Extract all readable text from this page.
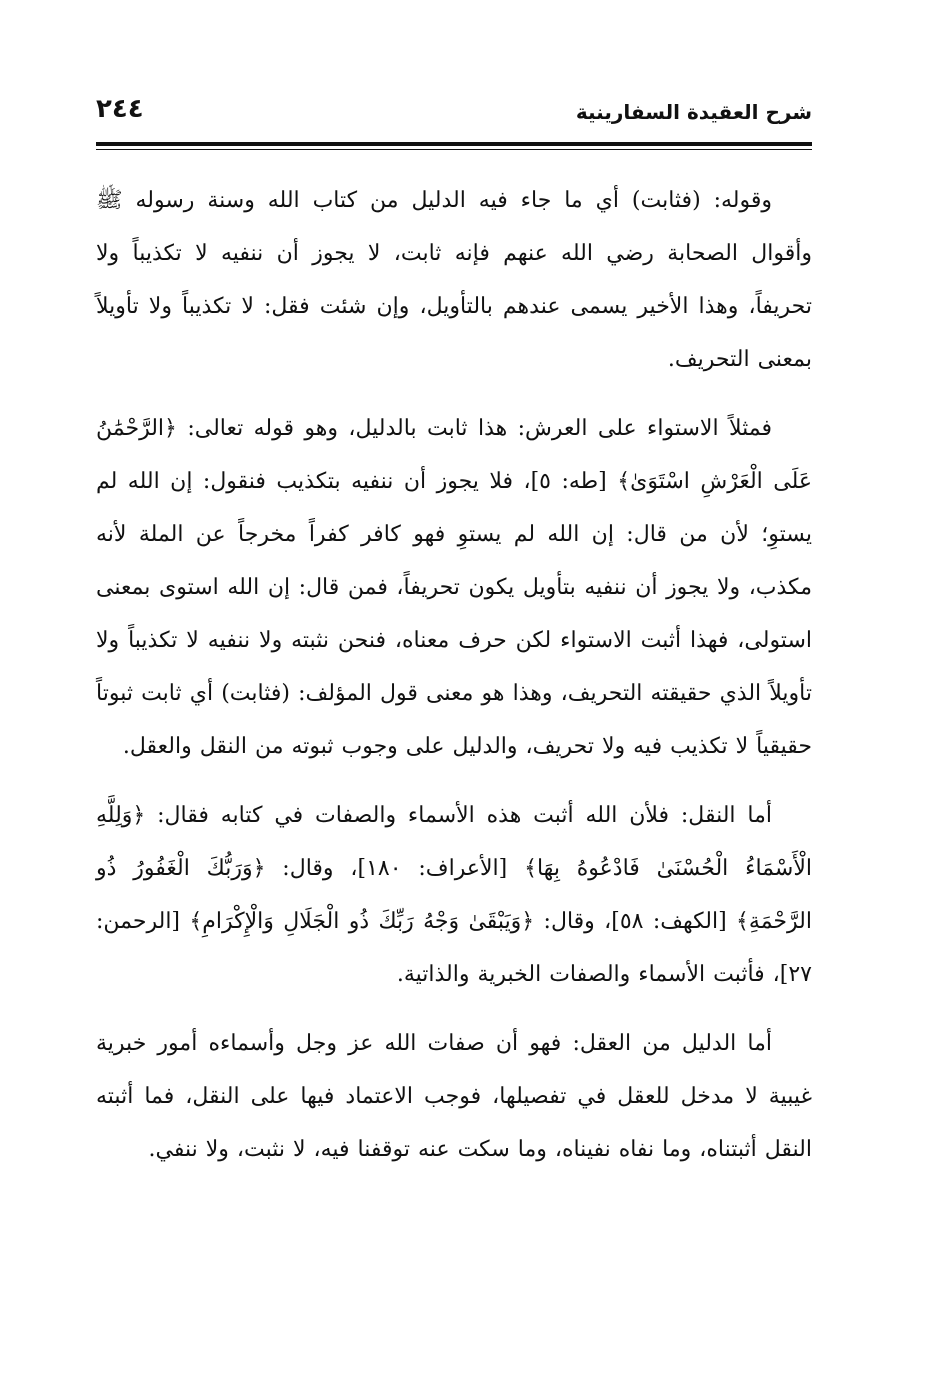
شرح العقيدة السفارينية
٢٤٤

وقوله: (فثابت) أي ما جاء فيه الدليل من كتاب الله وسنة رسوله ﷺ وأقوال الصحابة رضي الله عنهم فإنه ثابت، لا يجوز أن ننفيه لا تكذيباً ولا تحريفاً، وهذا الأخير يسمى عندهم بالتأويل، وإن شئت فقل: لا تكذيباً ولا تأويلاً بمعنى التحريف.

فمثلاً الاستواء على العرش: هذا ثابت بالدليل، وهو قوله تعالى: ﴿الرَّحْمَٰنُ عَلَى الْعَرْشِ اسْتَوَىٰ﴾ [طه: ٥]، فلا يجوز أن ننفيه بتكذيب فنقول: إن الله لم يستوِ؛ لأن من قال: إن الله لم يستوِ فهو كافر كفراً مخرجاً عن الملة لأنه مكذب، ولا يجوز أن ننفيه بتأويل يكون تحريفاً، فمن قال: إن الله استوى بمعنى استولى، فهذا أثبت الاستواء لكن حرف معناه، فنحن نثبته ولا ننفيه لا تكذيباً ولا تأويلاً الذي حقيقته التحريف، وهذا هو معنى قول المؤلف: (فثابت) أي ثابت ثبوتاً حقيقياً لا تكذيب فيه ولا تحريف، والدليل على وجوب ثبوته من النقل والعقل.

أما النقل: فلأن الله أثبت هذه الأسماء والصفات في كتابه فقال: ﴿وَلِلَّهِ الْأَسْمَاءُ الْحُسْنَىٰ فَادْعُوهُ بِهَا﴾ [الأعراف: ١٨٠]، وقال: ﴿وَرَبُّكَ الْغَفُورُ ذُو الرَّحْمَةِ﴾ [الكهف: ٥٨]، وقال: ﴿وَيَبْقَىٰ وَجْهُ رَبِّكَ ذُو الْجَلَالِ وَالْإِكْرَامِ﴾ [الرحمن: ٢٧]، فأثبت الأسماء والصفات الخبرية والذاتية.

أما الدليل من العقل: فهو أن صفات الله عز وجل وأسماءه أمور خبرية غيبية لا مدخل للعقل في تفصيلها، فوجب الاعتماد فيها على النقل، فما أثبته النقل أثبتناه، وما نفاه نفيناه، وما سكت عنه توقفنا فيه، لا نثبت، ولا ننفي.
